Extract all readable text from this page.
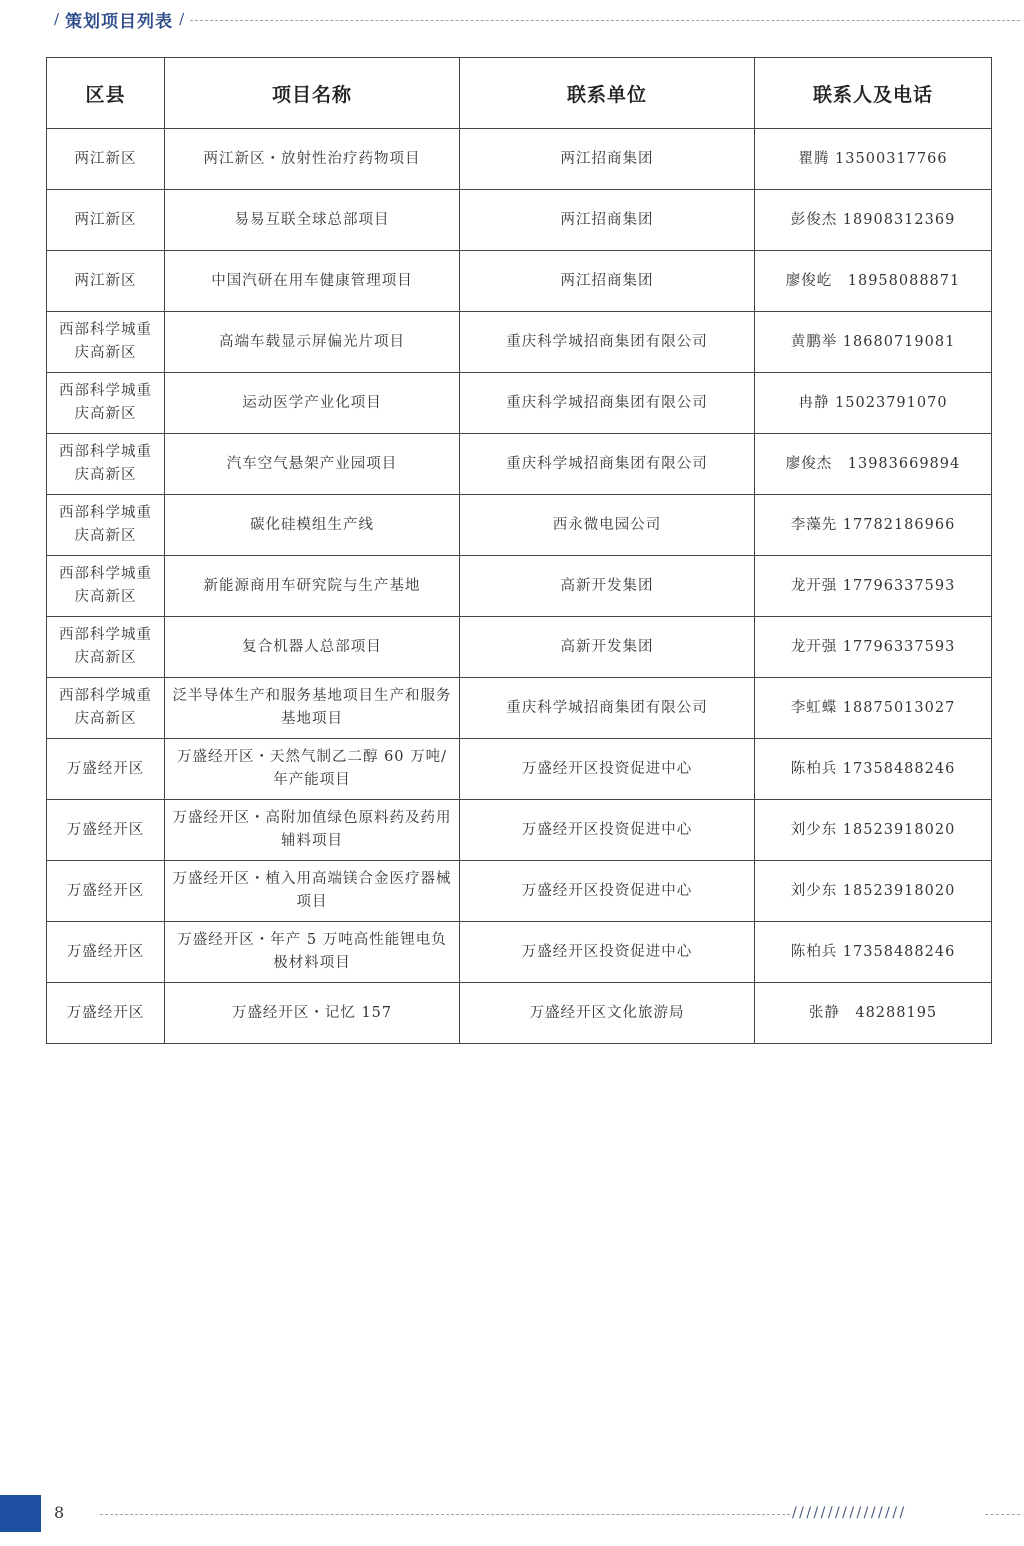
/ 策划项目列表 /
区县	项目名称	联系单位	联系人及电话
两江新区	两江新区・放射性治疗药物项目	两江招商集团	瞿腾 13500317766
两江新区	易易互联全球总部项目	两江招商集团	彭俊杰 18908312369
两江新区	中国汽研在用车健康管理项目	两江招商集团	廖俊屹　18958088871
西部科学城重庆高新区	高端车载显示屏偏光片项目	重庆科学城招商集团有限公司	黄鹏举 18680719081
西部科学城重庆高新区	运动医学产业化项目	重庆科学城招商集团有限公司	冉静 15023791070
西部科学城重庆高新区	汽车空气悬架产业园项目	重庆科学城招商集团有限公司	廖俊杰　13983669894
西部科学城重庆高新区	碳化硅模组生产线	西永微电园公司	李藻先 17782186966
西部科学城重庆高新区	新能源商用车研究院与生产基地	高新开发集团	龙开强 17796337593
西部科学城重庆高新区	复合机器人总部项目	高新开发集团	龙开强 17796337593
西部科学城重庆高新区	泛半导体生产和服务基地项目生产和服务基地项目	重庆科学城招商集团有限公司	李虹蝶 18875013027
万盛经开区	万盛经开区・天然气制乙二醇 60 万吨/年产能项目	万盛经开区投资促进中心	陈柏兵 17358488246
万盛经开区	万盛经开区・高附加值绿色原料药及药用辅料项目	万盛经开区投资促进中心	刘少东 18523918020
万盛经开区	万盛经开区・植入用高端镁合金医疗器械项目	万盛经开区投资促进中心	刘少东 18523918020
万盛经开区	万盛经开区・年产 5 万吨高性能锂电负极材料项目	万盛经开区投资促进中心	陈柏兵 17358488246
万盛经开区	万盛经开区・记忆 157	万盛经开区文化旅游局	张静　48288195
8	/ / / / / / / / / / / / / / / /
